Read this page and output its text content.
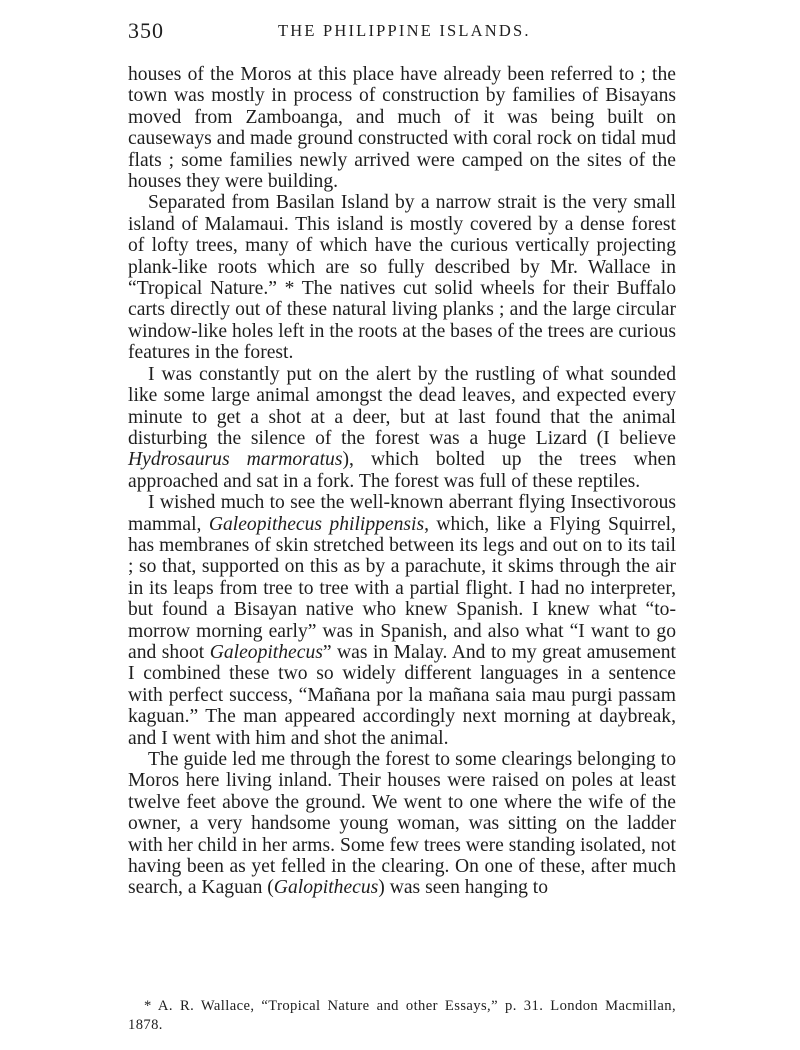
350	THE PHILIPPINE ISLANDS.

houses of the Moros at this place have already been referred to ; the town was mostly in process of construction by families of Bisayans moved from Zamboanga, and much of it was being built on causeways and made ground constructed with coral rock on tidal mud flats ; some families newly arrived were camped on the sites of the houses they were building.

Separated from Basilan Island by a narrow strait is the very small island of Malamaui. This island is mostly covered by a dense forest of lofty trees, many of which have the curious vertically projecting plank-like roots which are so fully described by Mr. Wallace in “Tropical Nature.” * The natives cut solid wheels for their Buffalo carts directly out of these natural living planks ; and the large circular window-like holes left in the roots at the bases of the trees are curious features in the forest.

I was constantly put on the alert by the rustling of what sounded like some large animal amongst the dead leaves, and expected every minute to get a shot at a deer, but at last found that the animal disturbing the silence of the forest was a huge Lizard (I believe Hydrosaurus marmoratus), which bolted up the trees when approached and sat in a fork. The forest was full of these reptiles.

I wished much to see the well-known aberrant flying Insectivorous mammal, Galeopithecus philippensis, which, like a Flying Squirrel, has membranes of skin stretched between its legs and out on to its tail ; so that, supported on this as by a parachute, it skims through the air in its leaps from tree to tree with a partial flight. I had no interpreter, but found a Bisayan native who knew Spanish. I knew what “to-morrow morning early” was in Spanish, and also what “I want to go and shoot Galeopithecus” was in Malay. And to my great amusement I combined these two so widely different languages in a sentence with perfect success, “Mañana por la mañana saia mau purgi passam kaguan.” The man appeared accordingly next morning at daybreak, and I went with him and shot the animal.

The guide led me through the forest to some clearings belonging to Moros here living inland. Their houses were raised on poles at least twelve feet above the ground. We went to one where the wife of the owner, a very handsome young woman, was sitting on the ladder with her child in her arms. Some few trees were standing isolated, not having been as yet felled in the clearing. On one of these, after much search, a Kaguan (Galopithecus) was seen hanging to

* A. R. Wallace, “Tropical Nature and other Essays,” p. 31. London Macmillan, 1878.
